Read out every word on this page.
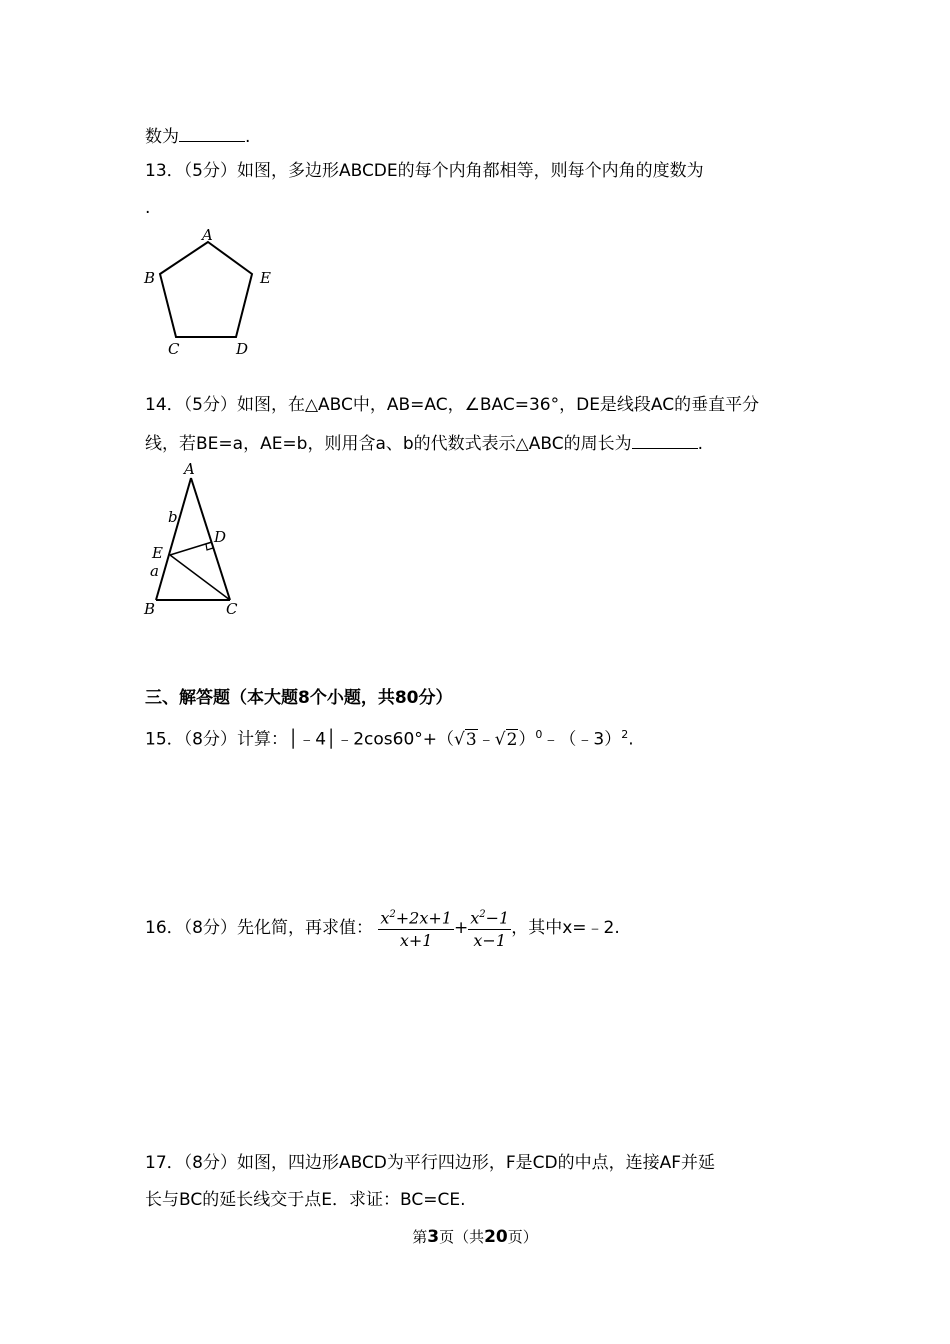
数为	.
13．（5分）如图，多边形ABCDE的每个内角都相等，则每个内角的度数为
.
A
B	E
C	D
14．（5分）如图，在△ABC中，AB=AC，∠BAC=36°，DE是线段AC的垂直平分
线，若BE=a，AE=b，则用含a、b的代数式表示△ABC的周长为	.
A
b
D
E
a
B	C
三、解答题（本大题8个小题，共80分）
15．（8分）计算：│﹣4│﹣2cos60°+（√3﹣√2）$^0$﹣（﹣3）$^2$.
16．（8分）先化简，再求值： $\frac{x^2+2x+1}{x+1} + \frac{x^2-1}{x-1}$ ，其中x=﹣2.
17．（8分）如图，四边形ABCD为平行四边形，F是CD的中点，连接AF并延
长与BC的延长线交于点E．求证：BC=CE.
第3页（共20页）
